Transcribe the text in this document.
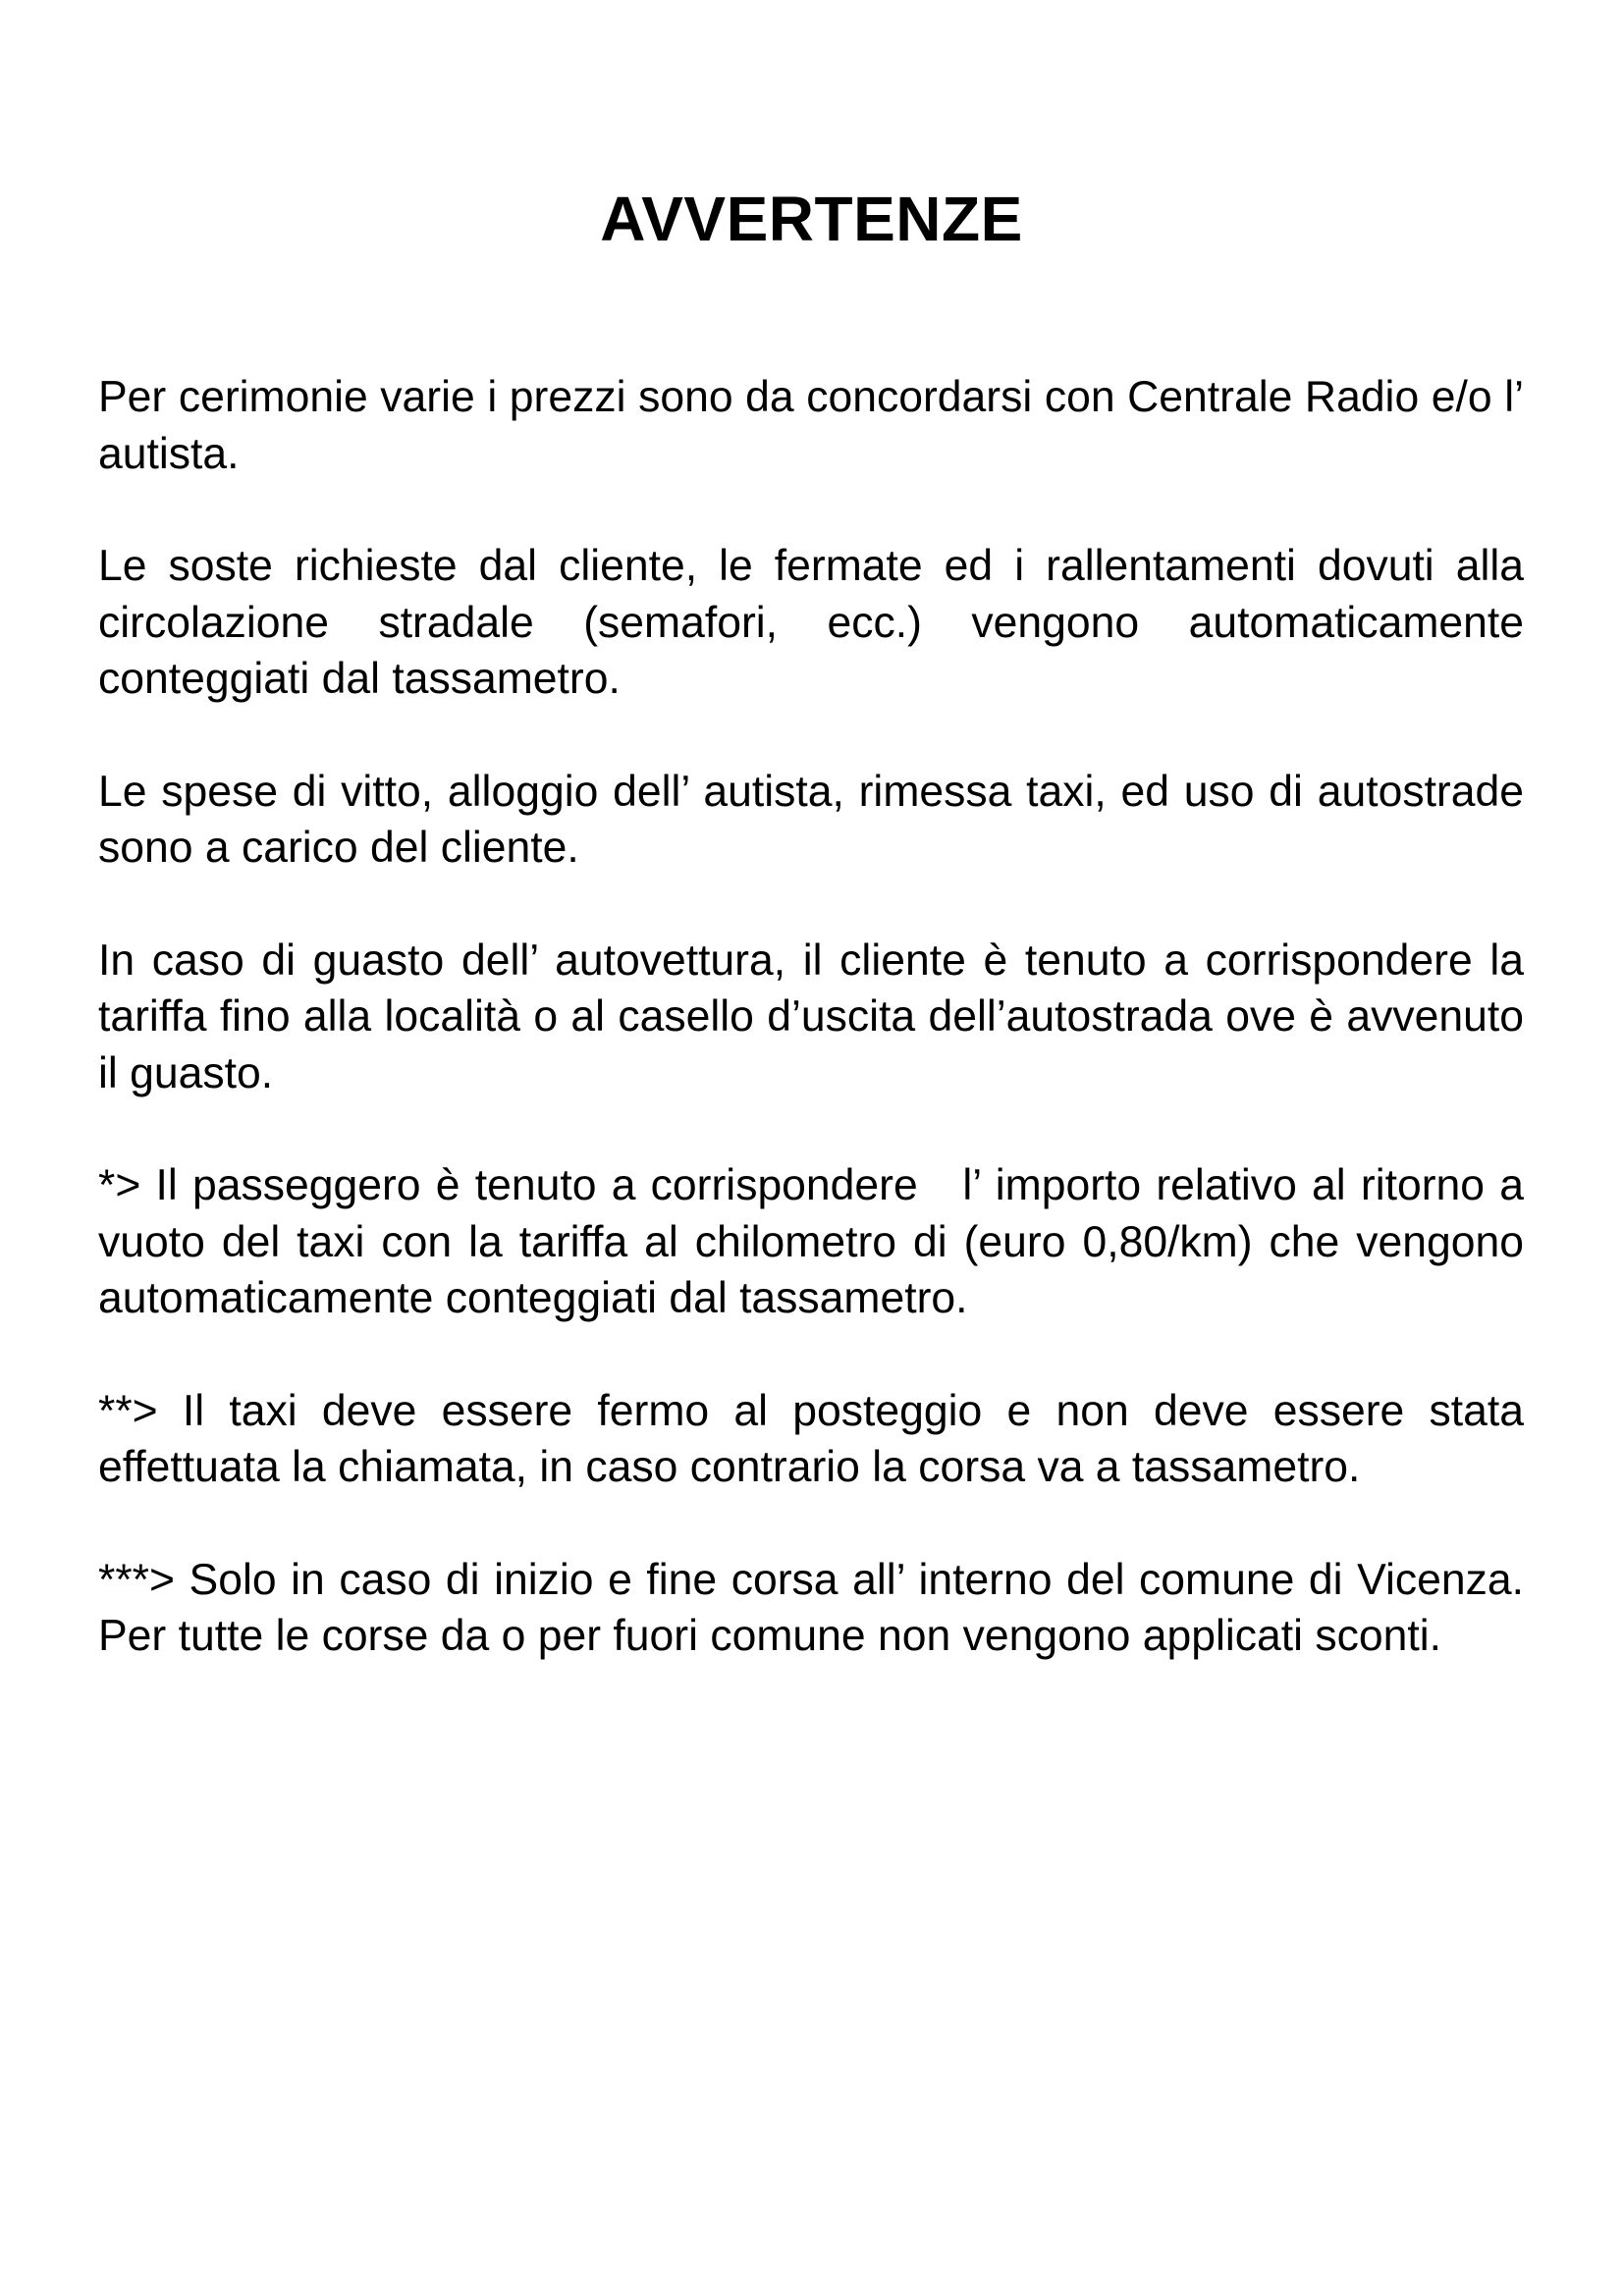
AVVERTENZE

Per cerimonie varie i prezzi sono da concordarsi con Centrale Radio e/o l’ autista.

Le soste richieste dal cliente, le fermate ed i rallentamenti dovuti alla circolazione stradale (semafori, ecc.) vengono automaticamente conteggiati dal tassametro.

Le spese di vitto, alloggio dell’ autista, rimessa taxi, ed uso di autostrade sono a carico del cliente.

In caso di guasto dell’ autovettura, il cliente è tenuto a corrispondere la tariffa fino alla località o al casello d’uscita dell’autostrada ove è avvenuto il guasto.

*> Il passeggero è tenuto a corrispondere   l’ importo relativo al ritorno a vuoto del taxi con la tariffa al chilometro di (euro 0,80/km) che vengono automaticamente conteggiati dal tassametro.

**> Il taxi deve essere fermo al posteggio e non deve essere stata effettuata la chiamata, in caso contrario la corsa va a tassametro.

***> Solo in caso di inizio e fine corsa all’ interno del comune di Vicenza. Per tutte le corse da o per fuori comune non vengono applicati sconti.
